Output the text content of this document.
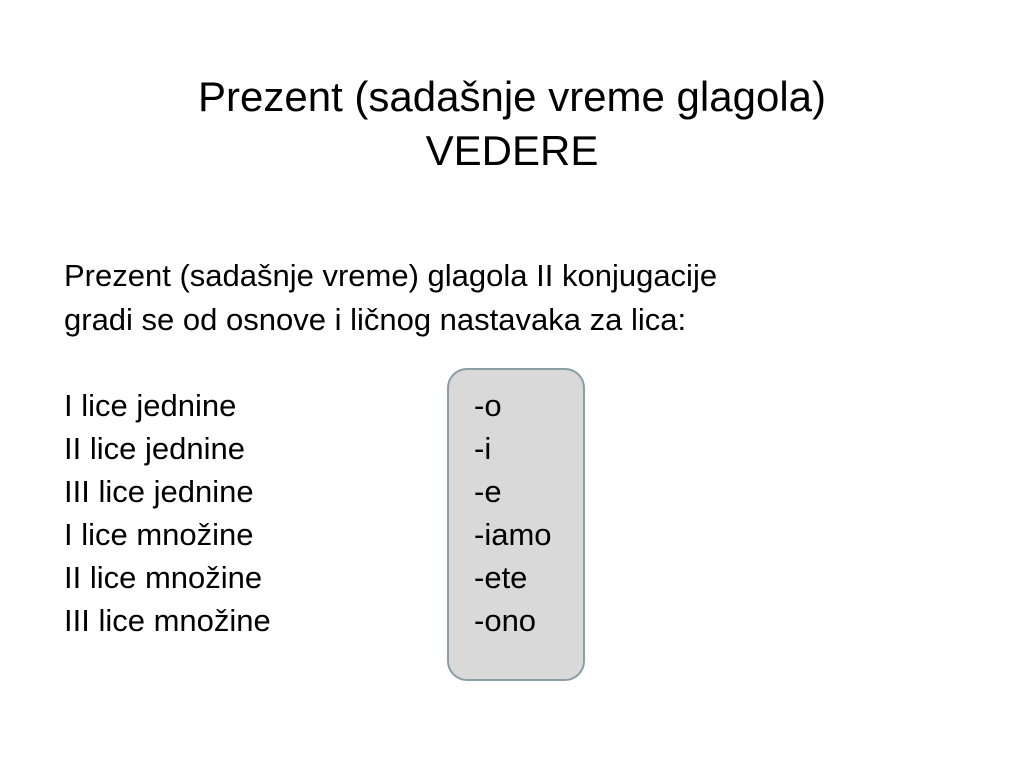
Prezent (sadašnje vreme glagola)
VEDERE
Prezent (sadašnje vreme) glagola II konjugacije
gradi se od osnove i ličnog nastavaka za lica:
I lice jednine	-o
II lice jednine	-i
III lice jednine	-e
I lice množine	-iamo
II lice množine	-ete
III lice množine	-ono
